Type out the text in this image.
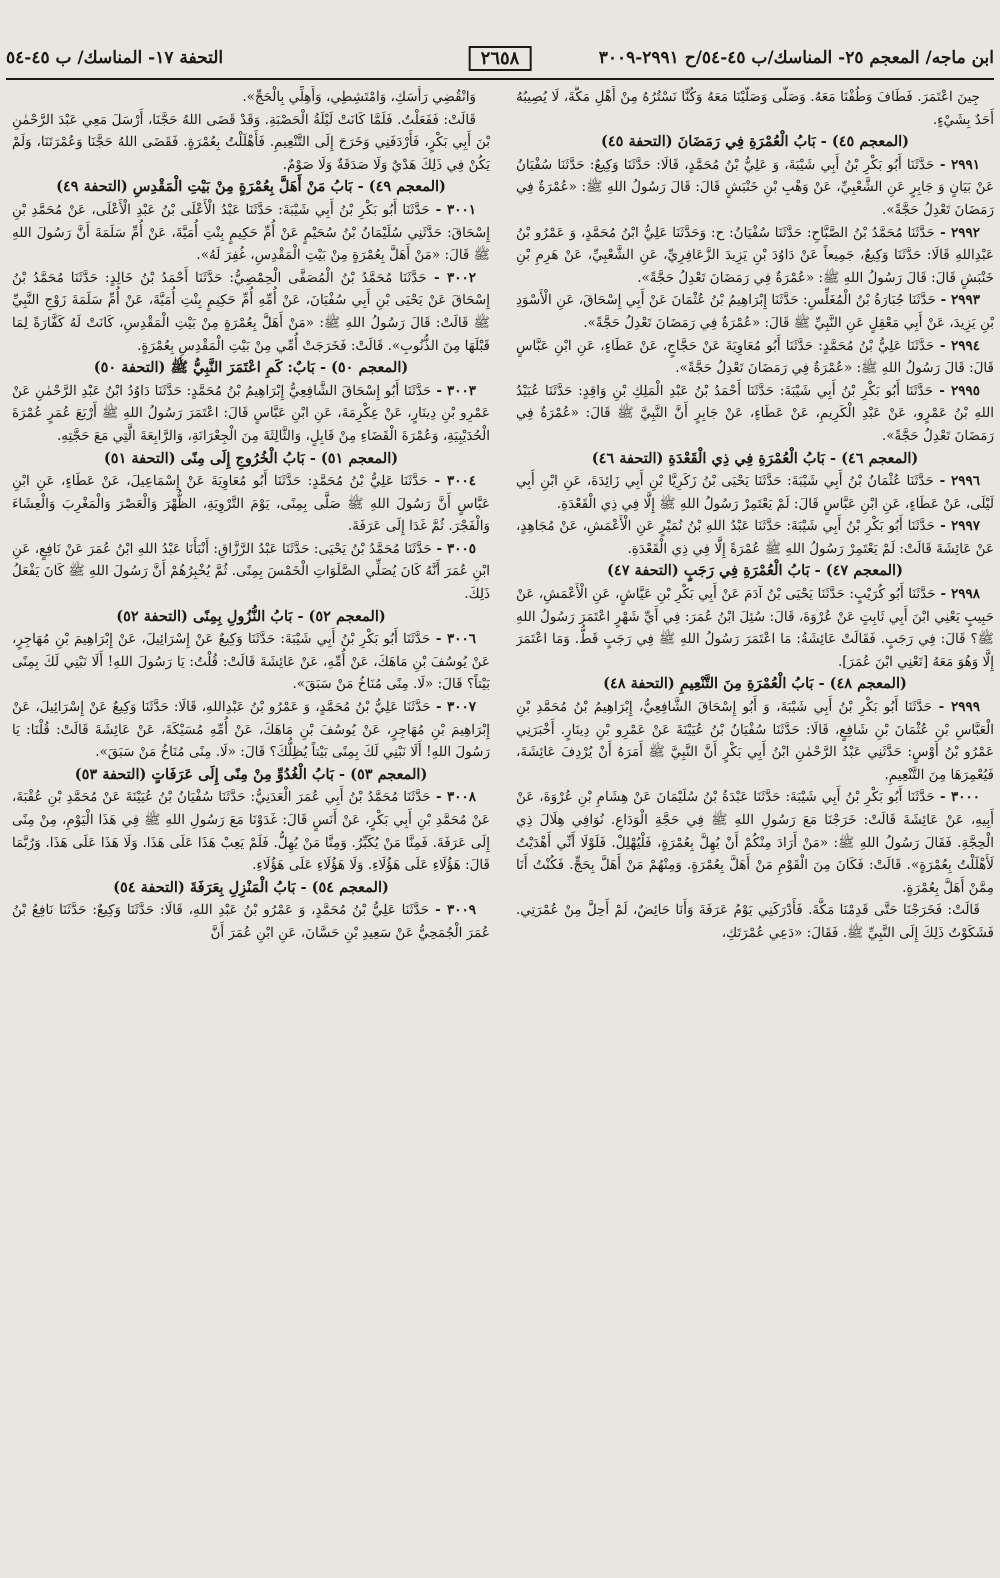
ابن ماجه/ المعجم ٢٥- المناسك/ب ٤٥-٥٤/ح ٢٩٩١-٣٠٠٩
٢٦٥٨
التحفة ١٧- المناسك/ ب ٤٥-٥٤

جِينَ اعْتَمَرَ. فَطَافَ وَطُفْنَا مَعَهُ. وَصَلَّى وَصَلَّيْنَا مَعَهُ وَكُنَّا نَسْتُرُهُ مِنْ أَهْلِ مَكَّةَ، لَا يُصِيبُهُ أَحَدٌ بِشَيْءٍ.

(المعجم ٤٥) - بَابُ الْعُمْرَةِ فِي رَمَضَانَ (التحفة ٤٥)

٢٩٩١ - حَدَّثَنَا أَبُو بَكْرِ بْنُ أَبِي شَيْبَةَ، وَ عَلِيُّ بْنُ مُحَمَّدٍ، قَالَا: حَدَّثَنَا وَكِيعٌ: حَدَّثَنَا سُفْيَانُ عَنْ بَيَانٍ وَ جَابِرٍ عَنِ الشَّعْبِيِّ، عَنْ وَهْبِ بْنِ خَنْبَشٍ قَالَ: قَالَ رَسُولُ اللهِ ﷺ: «عُمْرَةٌ فِي رَمَضَانَ تَعْدِلُ حَجَّةً».

٢٩٩٢ - حَدَّثَنَا مُحَمَّدُ بْنُ الصَّبَّاحِ: حَدَّثَنَا سُفْيَانُ: ح: وَحَدَّثَنَا عَلِيُّ ابْنُ مُحَمَّدٍ، وَ عَمْرُو بْنُ عَبْدِاللهِ قَالَا: حَدَّثَنَا وَكِيعٌ، جَمِيعاً عَنْ دَاوُدَ بْنِ يَزِيدَ الزَّعَافِرِيِّ، عَنِ الشَّعْبِيِّ، عَنْ هَرِمِ بْنِ خَنْبَشٍ قَالَ: قَالَ رَسُولُ اللهِ ﷺ: «عُمْرَةٌ فِي رَمَضَانَ تَعْدِلُ حَجَّةً».

٢٩٩٣ - حَدَّثَنَا جُبَارَةُ بْنُ الْمُغَلِّسِ: حَدَّثَنَا إِبْرَاهِيمُ بْنُ عُثْمَانَ عَنْ أَبِي إِسْحَاقَ، عَنِ الْأَسْوَدِ بْنِ يَزِيدَ، عَنْ أَبِي مَعْقِلٍ عَنِ النَّبِيِّ ﷺ قَالَ: «عُمْرَةٌ فِي رَمَضَانَ تَعْدِلُ حَجَّةً».

٢٩٩٤ - حَدَّثَنَا عَلِيُّ بْنُ مُحَمَّدٍ: حَدَّثَنَا أَبُو مُعَاوِيَةَ عَنْ حَجَّاجٍ، عَنْ عَطَاءٍ، عَنِ ابْنِ عَبَّاسٍ قَالَ: قَالَ رَسُولُ اللهِ ﷺ: «عُمْرَةٌ فِي رَمَضَانَ تَعْدِلُ حَجَّةً».

٢٩٩٥ - حَدَّثَنَا أَبُو بَكْرِ بْنُ أَبِي شَيْبَةَ: حَدَّثَنَا أَحْمَدُ بْنُ عَبْدِ الْمَلِكِ بْنِ وَاقِدٍ: حَدَّثَنَا عُبَيْدُ اللهِ بْنُ عَمْرٍو، عَنْ عَبْدِ الْكَرِيمِ، عَنْ عَطَاءٍ، عَنْ جَابِرٍ أَنَّ النَّبِيَّ ﷺ قَالَ: «عُمْرَةٌ فِي رَمَضَانَ تَعْدِلُ حَجَّةً».

(المعجم ٤٦) - بَابُ الْعُمْرَةِ فِي ذِي الْقَعْدَةِ (التحفة ٤٦)

٢٩٩٦ - حَدَّثَنَا عُثْمَانُ بْنُ أَبِي شَيْبَةَ: حَدَّثَنَا يَحْيَى بْنُ زَكَرِيَّا بْنِ أَبِي زَائِدَةَ، عَنِ ابْنِ أَبِي لَيْلَى، عَنْ عَطَاءٍ، عَنِ ابْنِ عَبَّاسٍ قَالَ: لَمْ يَعْتَمِرْ رَسُولُ اللهِ ﷺ إِلَّا فِي ذِي الْقَعْدَةِ.

٢٩٩٧ - حَدَّثَنَا أَبُو بَكْرِ بْنُ أَبِي شَيْبَةَ: حَدَّثَنَا عَبْدُ اللهِ بْنُ نُمَيْرٍ عَنِ الْأَعْمَشِ، عَنْ مُجَاهِدٍ، عَنْ عَائِشَةَ قَالَتْ: لَمْ يَعْتَمِرْ رَسُولُ اللهِ ﷺ عُمْرَةً إِلَّا فِي ذِي الْقَعْدَةِ.

(المعجم ٤٧) - بَابُ الْعُمْرَةِ فِي رَجَبٍ (التحفة ٤٧)

٢٩٩٨ - حَدَّثَنَا أَبُو كُرَيْبٍ: حَدَّثَنَا يَحْيَى بْنُ آدَمَ عَنْ أَبِي بَكْرِ بْنِ عَيَّاشٍ، عَنِ الْأَعْمَشِ، عَنْ حَبِيبٍ يَعْنِي ابْنَ أَبِي ثَابِتٍ عَنْ عُرْوَةَ، قَالَ: سُئِلَ ابْنُ عُمَرَ: فِي أَيِّ شَهْرٍ اعْتَمَرَ رَسُولُ اللهِ ﷺ؟ قَالَ: فِي رَجَبٍ. فَقَالَتْ عَائِشَةُ: مَا اعْتَمَرَ رَسُولُ اللهِ ﷺ فِي رَجَبٍ قَطُّ. وَمَا اعْتَمَرَ إِلَّا وَهُوَ مَعَهُ [تَعْنِي ابْنَ عُمَرَ].

(المعجم ٤٨) - بَابُ الْعُمْرَةِ مِنَ التَّنْعِيمِ (التحفة ٤٨)

٢٩٩٩ - حَدَّثَنَا أَبُو بَكْرِ بْنُ أَبِي شَيْبَةَ، وَ أَبُو إِسْحَاقَ الشَّافِعِيُّ، إِبْرَاهِيمُ بْنُ مُحَمَّدِ بْنِ الْعَبَّاسِ بْنِ عُثْمَانَ بْنِ شَافِعٍ، قَالَا: حَدَّثَنَا سُفْيَانُ بْنُ عُيَيْنَةَ عَنْ عَمْرِو بْنِ دِينَارٍ. أَخْبَرَنِي عَمْرُو بْنُ أَوْسٍ: حَدَّثَنِي عَبْدُ الرَّحْمٰنِ ابْنُ أَبِي بَكْرٍ أَنَّ النَّبِيَّ ﷺ أَمَرَهُ أَنْ يُرْدِفَ عَائِشَةَ، فَيُعْمِرَهَا مِنَ التَّنْعِيمِ.

٣٠٠٠ - حَدَّثَنَا أَبُو بَكْرِ بْنُ أَبِي شَيْبَةَ: حَدَّثَنَا عَبْدَةُ بْنُ سُلَيْمَانَ عَنْ هِشَامِ بْنِ عُرْوَةَ، عَنْ أَبِيهِ، عَنْ عَائِشَةَ قَالَتْ: خَرَجْنَا مَعَ رَسُولِ اللهِ ﷺ فِي حَجَّةِ الْوَدَاعِ. نُوَافِي هِلَالَ ذِي الْحِجَّةِ. فَقَالَ رَسُولُ اللهِ ﷺ: «مَنْ أَرَادَ مِنْكُمْ أَنْ يُهِلَّ بِعُمْرَةٍ، فَلْيُهْلِلْ. فَلَوْلَا أَنِّي أَهْدَيْتُ لَأَهْلَلْتُ بِعُمْرَةٍ». قَالَتْ: فَكَانَ مِنَ الْقَوْمِ مَنْ أَهَلَّ بِعُمْرَةٍ. وَمِنْهُمْ مَنْ أَهَلَّ بِحَجٍّ. فَكُنْتُ أَنَا مِمَّنْ أَهَلَّ بِعُمْرَةٍ.

قَالَتْ: فَخَرَجْنَا حَتَّى قَدِمْنَا مَكَّةَ. فَأَدْرَكَنِي يَوْمُ عَرَفَةَ وَأَنَا حَائِضٌ، لَمْ أَحِلَّ مِنْ عُمْرَتِي. فَشَكَوْتُ ذَلِكَ إِلَى النَّبِيِّ ﷺ. فَقَالَ: «دَعِي عُمْرَتَكِ،

وَانْقُضِي رَأْسَكِ، وَامْتَشِطِي، وَأَهِلِّي بِالْحَجِّ».

قَالَتْ: فَفَعَلْتُ. فَلَمَّا كَانَتْ لَيْلَةُ الْحَصْبَةِ. وَقَدْ قَضَى اللهُ حَجَّنَا، أَرْسَلَ مَعِي عَبْدَ الرَّحْمٰنِ بْنَ أَبِي بَكْرٍ، فَأَرْدَفَنِي وَخَرَجَ إِلَى التَّنْعِيمِ. فَأَهْلَلْتُ بِعُمْرَةٍ. فَقَضَى اللهُ حَجَّنَا وَعُمْرَتَنَا، وَلَمْ يَكُنْ فِي ذَلِكَ هَدْيٌ وَلَا صَدَقَةٌ وَلَا صَوْمٌ.

(المعجم ٤٩) - بَابُ مَنْ أَهَلَّ بِعُمْرَةٍ مِنْ بَيْتِ الْمَقْدِسِ (التحفة ٤٩)

٣٠٠١ - حَدَّثَنَا أَبُو بَكْرِ بْنُ أَبِي شَيْبَةَ: حَدَّثَنَا عَبْدُ الْأَعْلَى بْنُ عَبْدِ الْأَعْلَى، عَنْ مُحَمَّدِ بْنِ إِسْحَاقَ: حَدَّثَنِي سُلَيْمَانُ بْنُ سُحَيْمٍ عَنْ أُمِّ حَكِيمٍ بِنْتِ أُمَيَّةَ، عَنْ أُمِّ سَلَمَةَ أَنَّ رَسُولَ اللهِ ﷺ قَالَ: «مَنْ أَهَلَّ بِعُمْرَةٍ مِنْ بَيْتِ الْمَقْدِسِ، غُفِرَ لَهُ».

٣٠٠٢ - حَدَّثَنَا مُحَمَّدُ بْنُ الْمُصَفَّى الْحِمْصِيُّ: حَدَّثَنَا أَحْمَدُ بْنُ خَالِدٍ: حَدَّثَنَا مُحَمَّدُ بْنُ إِسْحَاقَ عَنْ يَحْيَى بْنِ أَبِي سُفْيَانَ، عَنْ أُمِّهِ أُمِّ حَكِيمٍ بِنْتِ أُمَيَّةَ، عَنْ أُمِّ سَلَمَةَ زَوْجِ النَّبِيِّ ﷺ قَالَتْ: قَالَ رَسُولُ اللهِ ﷺ: «مَنْ أَهَلَّ بِعُمْرَةٍ مِنْ بَيْتِ الْمَقْدِسِ، كَانَتْ لَهُ كَفَّارَةً لِمَا قَبْلَهَا مِنَ الذُّنُوبِ». قَالَتْ: فَخَرَجَتْ أُمِّي مِنْ بَيْتِ الْمَقْدِسِ بِعُمْرَةٍ.

(المعجم ٥٠) - بَابٌ: كَمِ اعْتَمَرَ النَّبِيُّ ﷺ (التحفة ٥٠)

٣٠٠٣ - حَدَّثَنَا أَبُو إِسْحَاقَ الشَّافِعِيُّ إِبْرَاهِيمُ بْنُ مُحَمَّدٍ: حَدَّثَنَا دَاوُدُ ابْنُ عَبْدِ الرَّحْمٰنِ عَنْ عَمْرِو بْنِ دِينَارٍ، عَنْ عِكْرِمَةَ، عَنِ ابْنِ عَبَّاسٍ قَالَ: اعْتَمَرَ رَسُولُ اللهِ ﷺ أَرْبَعَ عُمَرٍ عُمْرَةَ الْحُدَيْبِيَةِ، وَعُمْرَةَ الْقَضَاءِ مِنْ قَابِلٍ، وَالثَّالِثَةَ مِنَ الْجِعْرَانَةِ، وَالرَّابِعَةَ الَّتِي مَعَ حَجَّتِهِ.

(المعجم ٥١) - بَابُ الْخُرُوجِ إِلَى مِنًى (التحفة ٥١)

٣٠٠٤ - حَدَّثَنَا عَلِيُّ بْنُ مُحَمَّدٍ: حَدَّثَنَا أَبُو مُعَاوِيَةَ عَنْ إِسْمَاعِيلَ، عَنْ عَطَاءٍ، عَنِ ابْنِ عَبَّاسٍ أَنَّ رَسُولَ اللهِ ﷺ صَلَّى بِمِنًى، يَوْمَ التَّرْوِيَةِ، الظُّهْرَ وَالْعَصْرَ وَالْمَغْرِبَ وَالْعِشَاءَ وَالْفَجْرَ. ثُمَّ غَدَا إِلَى عَرَفَةَ.

٣٠٠٥ - حَدَّثَنَا مُحَمَّدُ بْنُ يَحْيَى: حَدَّثَنَا عَبْدُ الرَّزَّاقِ: أَنْبَأَنَا عَبْدُ اللهِ ابْنُ عُمَرَ عَنْ نَافِعٍ، عَنِ ابْنِ عُمَرَ أَنَّهُ كَانَ يُصَلِّي الصَّلَوَاتِ الْخَمْسَ بِمِنًى. ثُمَّ يُخْبِرُهُمْ أَنَّ رَسُولَ اللهِ ﷺ كَانَ يَفْعَلُ ذَلِكَ.

(المعجم ٥٢) - بَابُ النُّزُولِ بِمِنًى (التحفة ٥٢)

٣٠٠٦ - حَدَّثَنَا أَبُو بَكْرِ بْنُ أَبِي شَيْبَةَ: حَدَّثَنَا وَكِيعٌ عَنْ إِسْرَائِيلَ، عَنْ إِبْرَاهِيمَ بْنِ مُهَاجِرٍ، عَنْ يُوسُفَ بْنِ مَاهَكَ، عَنْ أُمِّهِ، عَنْ عَائِشَةَ قَالَتْ: قُلْتُ: يَا رَسُولَ اللهِ! أَلَا نَبْنِي لَكَ بِمِنًى بَيْتاً؟ قَالَ: «لَا. مِنًى مُنَاخُ مَنْ سَبَقَ».

٣٠٠٧ - حَدَّثَنَا عَلِيُّ بْنُ مُحَمَّدٍ، وَ عَمْرُو بْنُ عَبْدِاللهِ، قَالَا: حَدَّثَنَا وَكِيعٌ عَنْ إِسْرَائِيلَ، عَنْ إِبْرَاهِيمَ بْنِ مُهَاجِرٍ، عَنْ يُوسُفَ بْنِ مَاهَكَ، عَنْ أُمِّهِ مُسَيْكَةَ، عَنْ عَائِشَةَ قَالَتْ: قُلْنَا: يَا رَسُولَ اللهِ! أَلَا نَبْنِي لَكَ بِمِنًى بَيْتاً يُظِلُّكَ؟ قَالَ: «لَا. مِنًى مُنَاخُ مَنْ سَبَقَ».

(المعجم ٥٣) - بَابُ الْغُدُوِّ مِنْ مِنًى إِلَى عَرَفَاتٍ (التحفة ٥٣)

٣٠٠٨ - حَدَّثَنَا مُحَمَّدُ بْنُ أَبِي عُمَرَ الْعَدَنِيُّ: حَدَّثَنَا سُفْيَانُ بْنُ عُيَيْنَةَ عَنْ مُحَمَّدِ بْنِ عُقْبَةَ، عَنْ مُحَمَّدِ بْنِ أَبِي بَكْرٍ، عَنْ أَنَسٍ قَالَ: غَدَوْنَا مَعَ رَسُولِ اللهِ ﷺ فِي هَذَا الْيَوْمِ، مِنْ مِنًى إِلَى عَرَفَةَ. فَمِنَّا مَنْ يُكَبِّرُ. وَمِنَّا مَنْ يُهِلُّ. فَلَمْ يَعِبْ هَذَا عَلَى هَذَا. وَلَا هَذَا عَلَى هَذَا. وَرُبَّمَا قَالَ: هَؤُلَاءِ عَلَى هَؤُلَاءِ. وَلَا هَؤُلَاءِ عَلَى هَؤُلَاءِ.

(المعجم ٥٤) - بَابُ الْمَنْزِلِ بِعَرَفَةَ (التحفة ٥٤)

٣٠٠٩ - حَدَّثَنَا عَلِيُّ بْنُ مُحَمَّدٍ، وَ عَمْرُو بْنُ عَبْدِ اللهِ، قَالَا: حَدَّثَنَا وَكِيعٌ: حَدَّثَنَا نَافِعُ بْنُ عُمَرَ الْجُمَحِيُّ عَنْ سَعِيدِ بْنِ حَسَّانَ، عَنِ ابْنِ عُمَرَ أَنَّ
